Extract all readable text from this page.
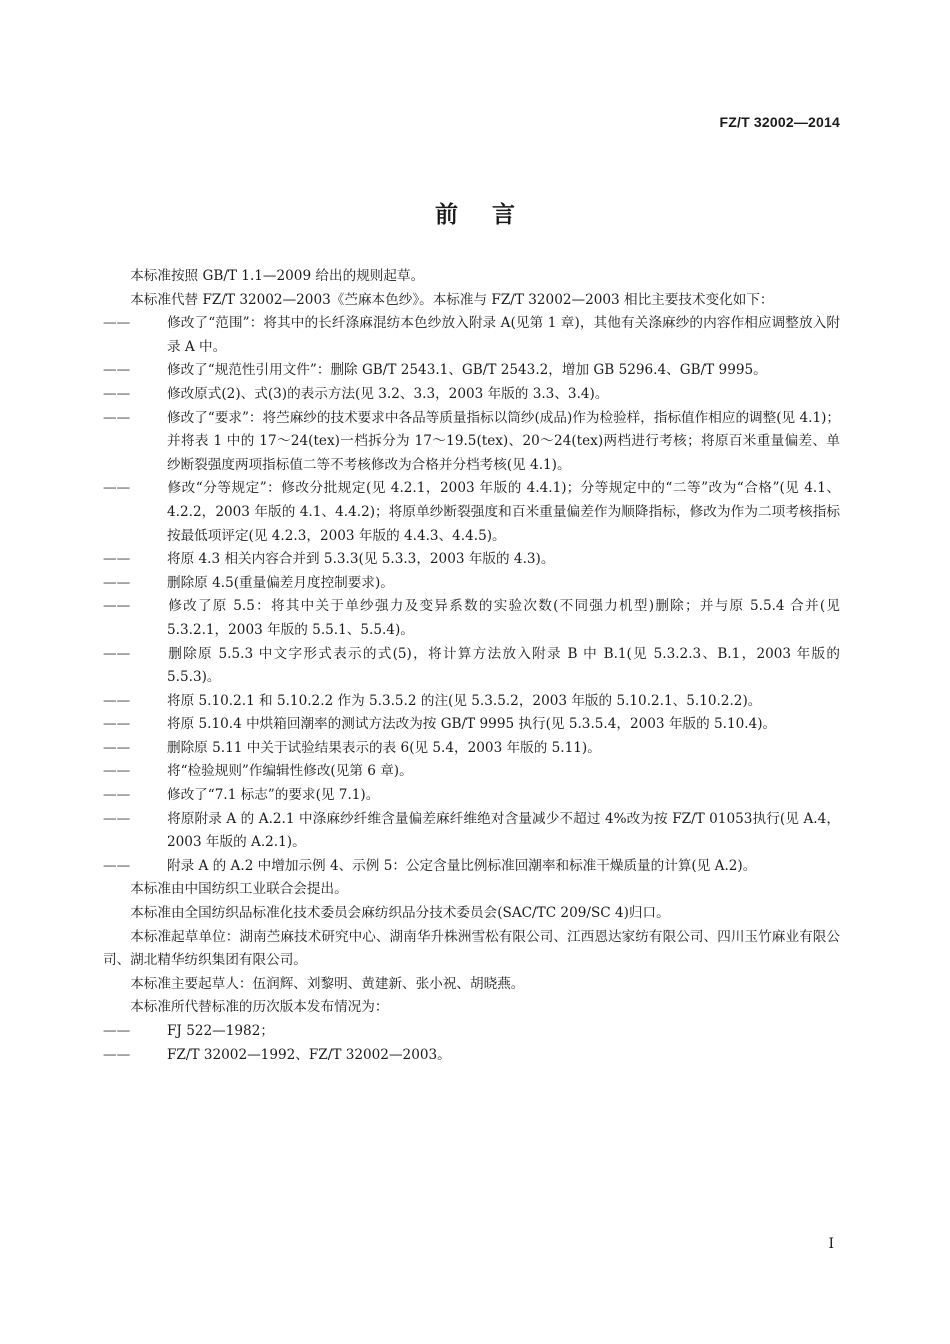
FZ/T 32002—2014
前言

本标准按照 GB/T 1.1—2009 给出的规则起草。

本标准代替 FZ/T 32002—2003《苎麻本色纱》。本标准与 FZ/T 32002—2003 相比主要技术变化如下：

——	修改了“范围”：将其中的长纤涤麻混纺本色纱放入附录 A(见第 1 章)，其他有关涤麻纱的内容作相应调整放入附录 A 中。
——	修改了“规范性引用文件”：删除 GB/T 2543.1、GB/T 2543.2，增加 GB 5296.4、GB/T 9995。
——	修改原式(2)、式(3)的表示方法(见 3.2、3.3，2003 年版的 3.3、3.4)。
——	修改了“要求”：将苎麻纱的技术要求中各品等质量指标以筒纱(成品)作为检验样，指标值作相应的调整(见 4.1)；并将表 1 中的 17～24(tex)一档拆分为 17～19.5(tex)、20～24(tex)两档进行考核；将原百米重量偏差、单纱断裂强度两项指标值二等不考核修改为合格并分档考核(见 4.1)。
——	修改“分等规定”：修改分批规定(见 4.2.1，2003 年版的 4.4.1)；分等规定中的“二等”改为“合格”(见 4.1、4.2.2，2003 年版的 4.1、4.4.2)；将原单纱断裂强度和百米重量偏差作为顺降指标，修改为作为二项考核指标按最低项评定(见 4.2.3，2003 年版的 4.4.3、4.4.5)。
——	将原 4.3 相关内容合并到 5.3.3(见 5.3.3，2003 年版的 4.3)。
——	删除原 4.5(重量偏差月度控制要求)。
——	修改了原 5.5：将其中关于单纱强力及变异系数的实验次数(不同强力机型)删除；并与原 5.5.4 合并(见 5.3.2.1，2003 年版的 5.5.1、5.5.4)。
——	删除原 5.5.3 中文字形式表示的式(5)，将计算方法放入附录 B 中 B.1(见 5.3.2.3、B.1，2003 年版的 5.5.3)。
——	将原 5.10.2.1 和 5.10.2.2 作为 5.3.5.2 的注(见 5.3.5.2，2003 年版的 5.10.2.1、5.10.2.2)。
——	将原 5.10.4 中烘箱回潮率的测试方法改为按 GB/T 9995 执行(见 5.3.5.4，2003 年版的 5.10.4)。
——	删除原 5.11 中关于试验结果表示的表 6(见 5.4，2003 年版的 5.11)。
——	将“检验规则”作编辑性修改(见第 6 章)。
——	修改了“7.1 标志”的要求(见 7.1)。
——	将原附录 A 的 A.2.1 中涤麻纱纤维含量偏差麻纤维绝对含量减少不超过 4%改为按 FZ/T 01053执行(见 A.4，2003 年版的 A.2.1)。
——	附录 A 的 A.2 中增加示例 4、示例 5：公定含量比例标准回潮率和标准干燥质量的计算(见 A.2)。

本标准由中国纺织工业联合会提出。

本标准由全国纺织品标准化技术委员会麻纺织品分技术委员会(SAC/TC 209/SC 4)归口。

本标准起草单位：湖南苎麻技术研究中心、湖南华升株洲雪松有限公司、江西恩达家纺有限公司、四川玉竹麻业有限公司、湖北精华纺织集团有限公司。

本标准主要起草人：伍润辉、刘黎明、黄建新、张小祝、胡晓燕。

本标准所代替标准的历次版本发布情况为：

——	FJ 522—1982；
——	FZ/T 32002—1992、FZ/T 32002—2003。
I
